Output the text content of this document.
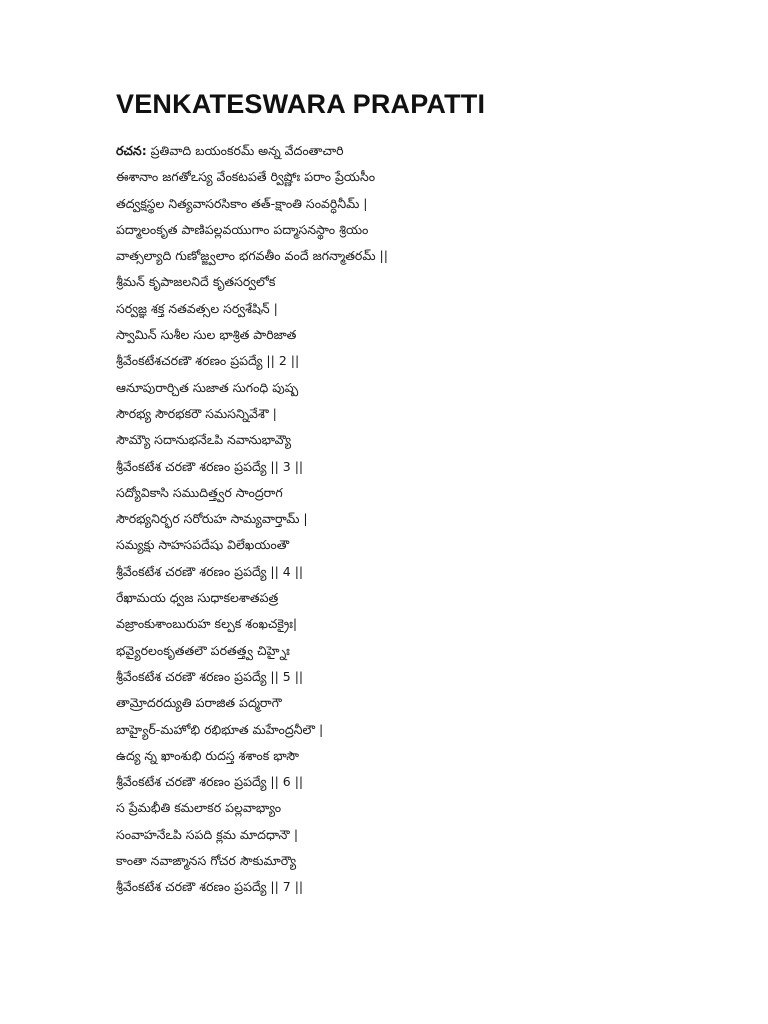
VENKATESWARA PRAPATTI
రచన: ప్రతివాది బయంకరమ్ అన్న వేదంతాచారి
ఈశానాం జగతోఽస్య వేంకటపతే ర్విష్ణోః పరాం ప్రేయసీం
తద్వక్షస్థల నిత్యవాసరసికాం తత్-క్షాంతి సంవర్ధినీమ్ |
పద్మాలంకృత పాణిపల్లవయుగాం పద్మాసనస్థాం శ్రియం
వాత్సల్యాది గుణోజ్జ్వలాం భగవతీం వందే జగన్మాతరమ్ ||
శ్రీమన్ కృపాజలనిదే కృతసర్వలోక
సర్వజ్ఞ శక్త నతవత్సల సర్వశేషిన్ |
స్వామిన్ సుశీల సుల భాశ్రిత పారిజాత
శ్రీవేంకటేశచరణౌ శరణం ప్రపద్యే || 2 ||
ఆనూపురార్చిత సుజాత సుగంధి పుష్ప
సౌరభ్య సౌరభకరౌ సమసన్నివేశౌ |
సౌమ్యౌ సదానుభనేఽపి నవానుభావ్యౌ
శ్రీవేంకటేశ చరణౌ శరణం ప్రపద్యే || 3 ||
సద్యోవికాసి సముదిత్త్వర సాంద్రరాగ
సౌరభ్యనిర్భర సరోరుహ సామ్యవార్తామ్ |
సమ్యక్షు సాహసపదేషు విలేఖయంతౌ
శ్రీవేంకటేశ చరణౌ శరణం ప్రపద్యే || 4 ||
రేఖామయ ధ్వజ సుధాకలశాతపత్ర
వజ్రాంకుశాంబురుహ కల్పక శంఖచక్రైః|
భవ్యైరలంకృతతలౌ పరతత్త్వ చిహ్నైః
శ్రీవేంకటేశ చరణౌ శరణం ప్రపద్యే || 5 ||
తామ్రోదరద్యుతి పరాజిత పద్మరాగౌ
బాహ్యైర్-మహోభి రభిభూత మహేంద్రనీలౌ |
ఉద్య న్న ఖాంశుభి రుదస్త శశాంక భాసౌ
శ్రీవేంకటేశ చరణౌ శరణం ప్రపద్యే || 6 ||
స ప్రేమభీతి కమలాకర పల్లవాభ్యాం
సంవాహనేఽపి సపది క్లమ మాదధానౌ |
కాంతా నవాఙ్మానస గోచర సౌకుమార్యౌ
శ్రీవేంకటేశ చరణౌ శరణం ప్రపద్యే || 7 ||
